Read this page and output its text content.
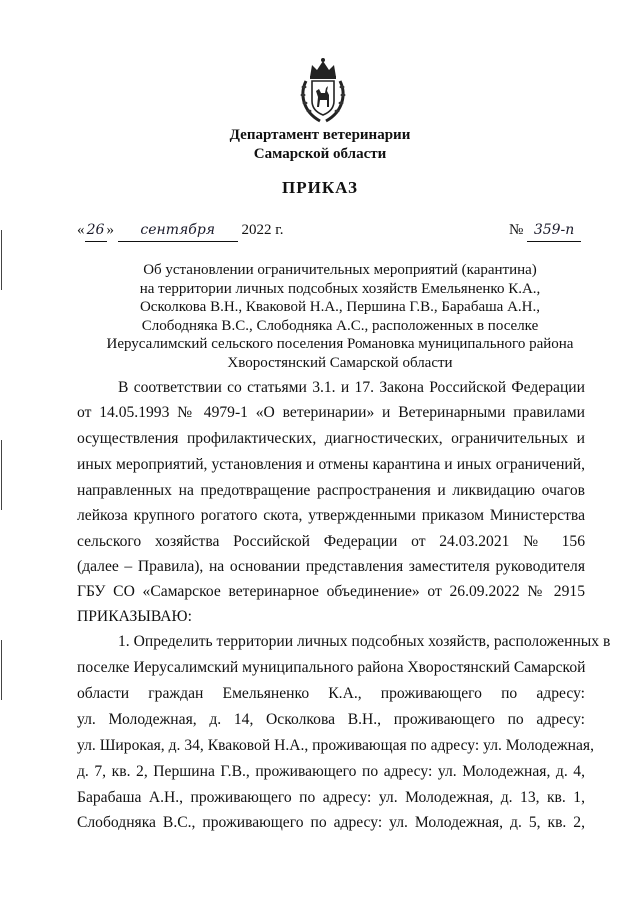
Департамент ветеринарии
Самарской области
ПРИКАЗ
« 26 » сентября 2022 г.	№ 359-п
Об установлении ограничительных мероприятий (карантина)
на территории личных подсобных хозяйств Емельяненко К.А.,
Осколкова В.Н., Кваковой Н.А., Першина Г.В., Барабаша А.Н.,
Слободняка В.С., Слободняка А.С., расположенных в поселке
Иерусалимский сельского поселения Романовка муниципального района
Хворостянский Самарской области
В соответствии со статьями 3.1. и 17. Закона Российской Федерации
от 14.05.1993 № 4979-1 «О ветеринарии» и Ветеринарными правилами
осуществления профилактических, диагностических, ограничительных и
иных мероприятий, установления и отмены карантина и иных ограничений,
направленных на предотвращение распространения и ликвидацию очагов
лейкоза крупного рогатого скота, утвержденными приказом Министерства
сельского хозяйства Российской Федерации от 24.03.2021 № 156
(далее – Правила), на основании представления заместителя руководителя
ГБУ СО «Самарское ветеринарное объединение» от 26.09.2022 № 2915
ПРИКАЗЫВАЮ:
1. Определить территории личных подсобных хозяйств, расположенных в
поселке Иерусалимский муниципального района Хворостянский Самарской
области граждан Емельяненко К.А., проживающего по адресу:
ул. Молодежная, д. 14, Осколкова В.Н., проживающего по адресу:
ул. Широкая, д. 34, Кваковой Н.А., проживающая по адресу: ул. Молодежная,
д. 7, кв. 2, Першина Г.В., проживающего по адресу: ул. Молодежная, д. 4,
Барабаша А.Н., проживающего по адресу: ул. Молодежная, д. 13, кв. 1,
Слободняка В.С., проживающего по адресу: ул. Молодежная, д. 5, кв. 2,
